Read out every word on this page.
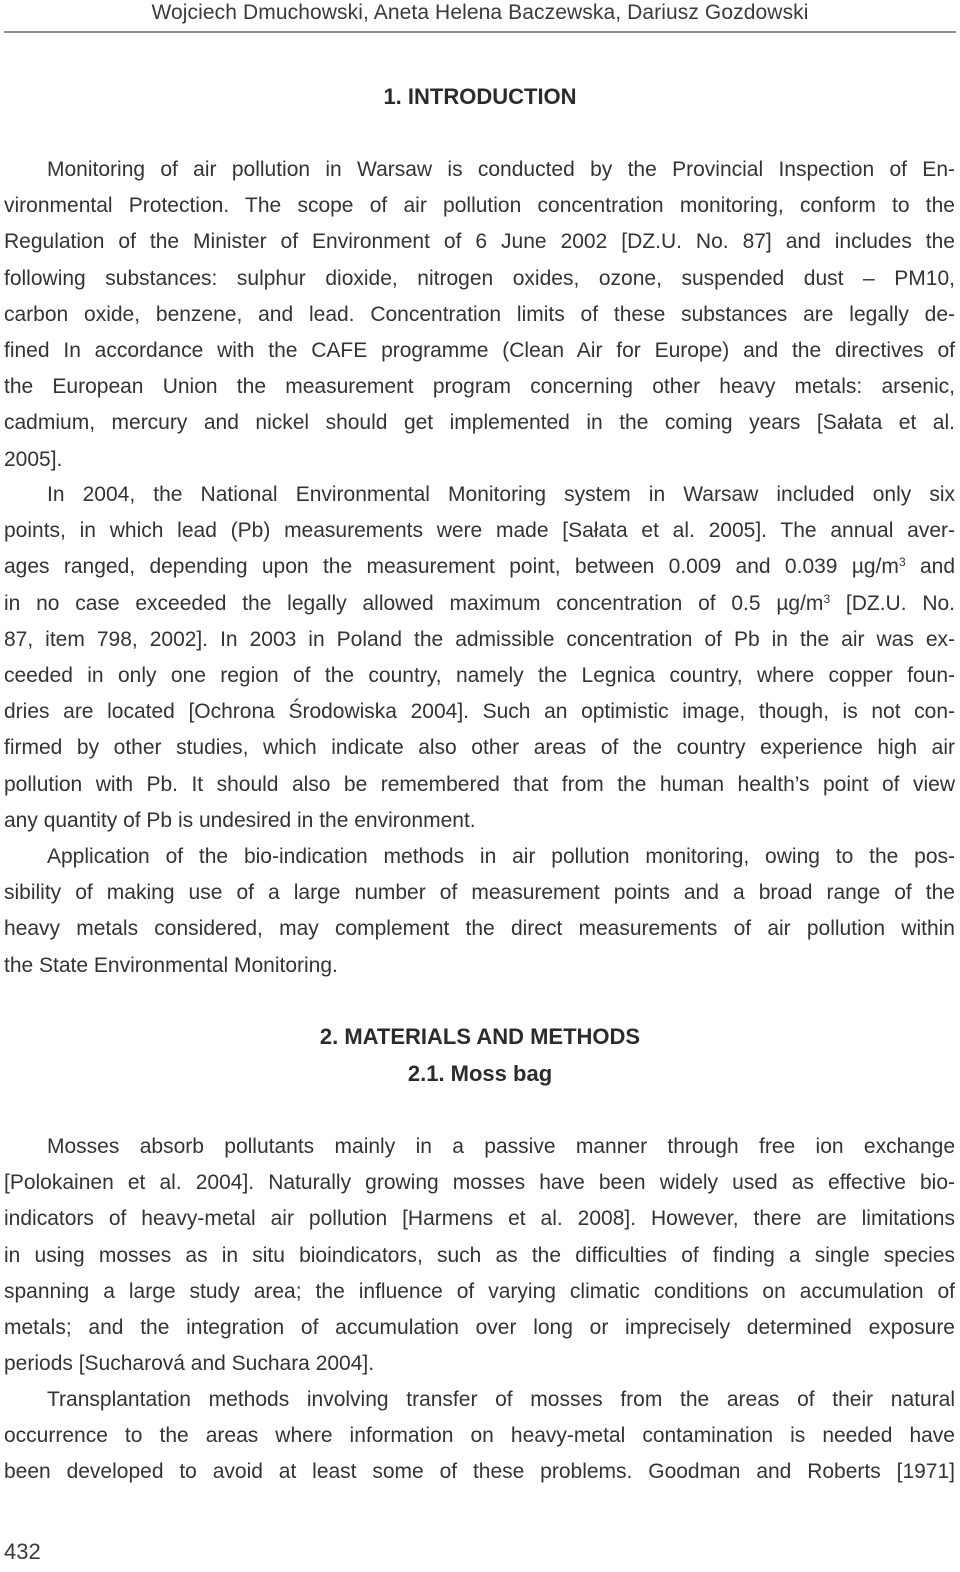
Wojciech Dmuchowski, Aneta Helena Baczewska, Dariusz Gozdowski
1. INTRODUCTION
Monitoring of air pollution in Warsaw is conducted by the Provincial Inspection of En-
vironmental Protection. The scope of air pollution concentration monitoring, conform to the
Regulation of the Minister of Environment of 6 June 2002 [DZ.U. No. 87] and includes the
following substances: sulphur dioxide, nitrogen oxides, ozone, suspended dust – PM10,
carbon oxide, benzene, and lead. Concentration limits of these substances are legally de-
fined In accordance with the CAFE programme (Clean Air for Europe) and the directives of
the European Union the measurement program concerning other heavy metals: arsenic,
cadmium, mercury and nickel should get implemented in the coming years [Sałata et al.
2005].
In 2004, the National Environmental Monitoring system in Warsaw included only six
points, in which lead (Pb) measurements were made [Sałata et al. 2005]. The annual aver-
ages ranged, depending upon the measurement point, between 0.009 and 0.039 $\mu g/m^3$ and
in no case exceeded the legally allowed maximum concentration of 0.5 $\mu g/m^3$ [DZ.U. No.
87, item 798, 2002]. In 2003 in Poland the admissible concentration of Pb in the air was ex-
ceeded in only one region of the country, namely the Legnica country, where copper foun-
dries are located [Ochrona Środowiska 2004]. Such an optimistic image, though, is not con-
firmed by other studies, which indicate also other areas of the country experience high air
pollution with Pb. It should also be remembered that from the human health’s point of view
any quantity of Pb is undesired in the environment.
Application of the bio-indication methods in air pollution monitoring, owing to the pos-
sibility of making use of a large number of measurement points and a broad range of the
heavy metals considered, may complement the direct measurements of air pollution within
the State Environmental Monitoring.
2. MATERIALS AND METHODS
2.1. Moss bag
Mosses absorb pollutants mainly in a passive manner through free ion exchange
[Polokainen et al. 2004]. Naturally growing mosses have been widely used as effective bio-
indicators of heavy-metal air pollution [Harmens et al. 2008]. However, there are limitations
in using mosses as in situ bioindicators, such as the difficulties of finding a single species
spanning a large study area; the influence of varying climatic conditions on accumulation of
metals; and the integration of accumulation over long or imprecisely determined exposure
periods [Sucharová and Suchara 2004].
Transplantation methods involving transfer of mosses from the areas of their natural
occurrence to the areas where information on heavy-metal contamination is needed have
been developed to avoid at least some of these problems. Goodman and Roberts [1971]
432
